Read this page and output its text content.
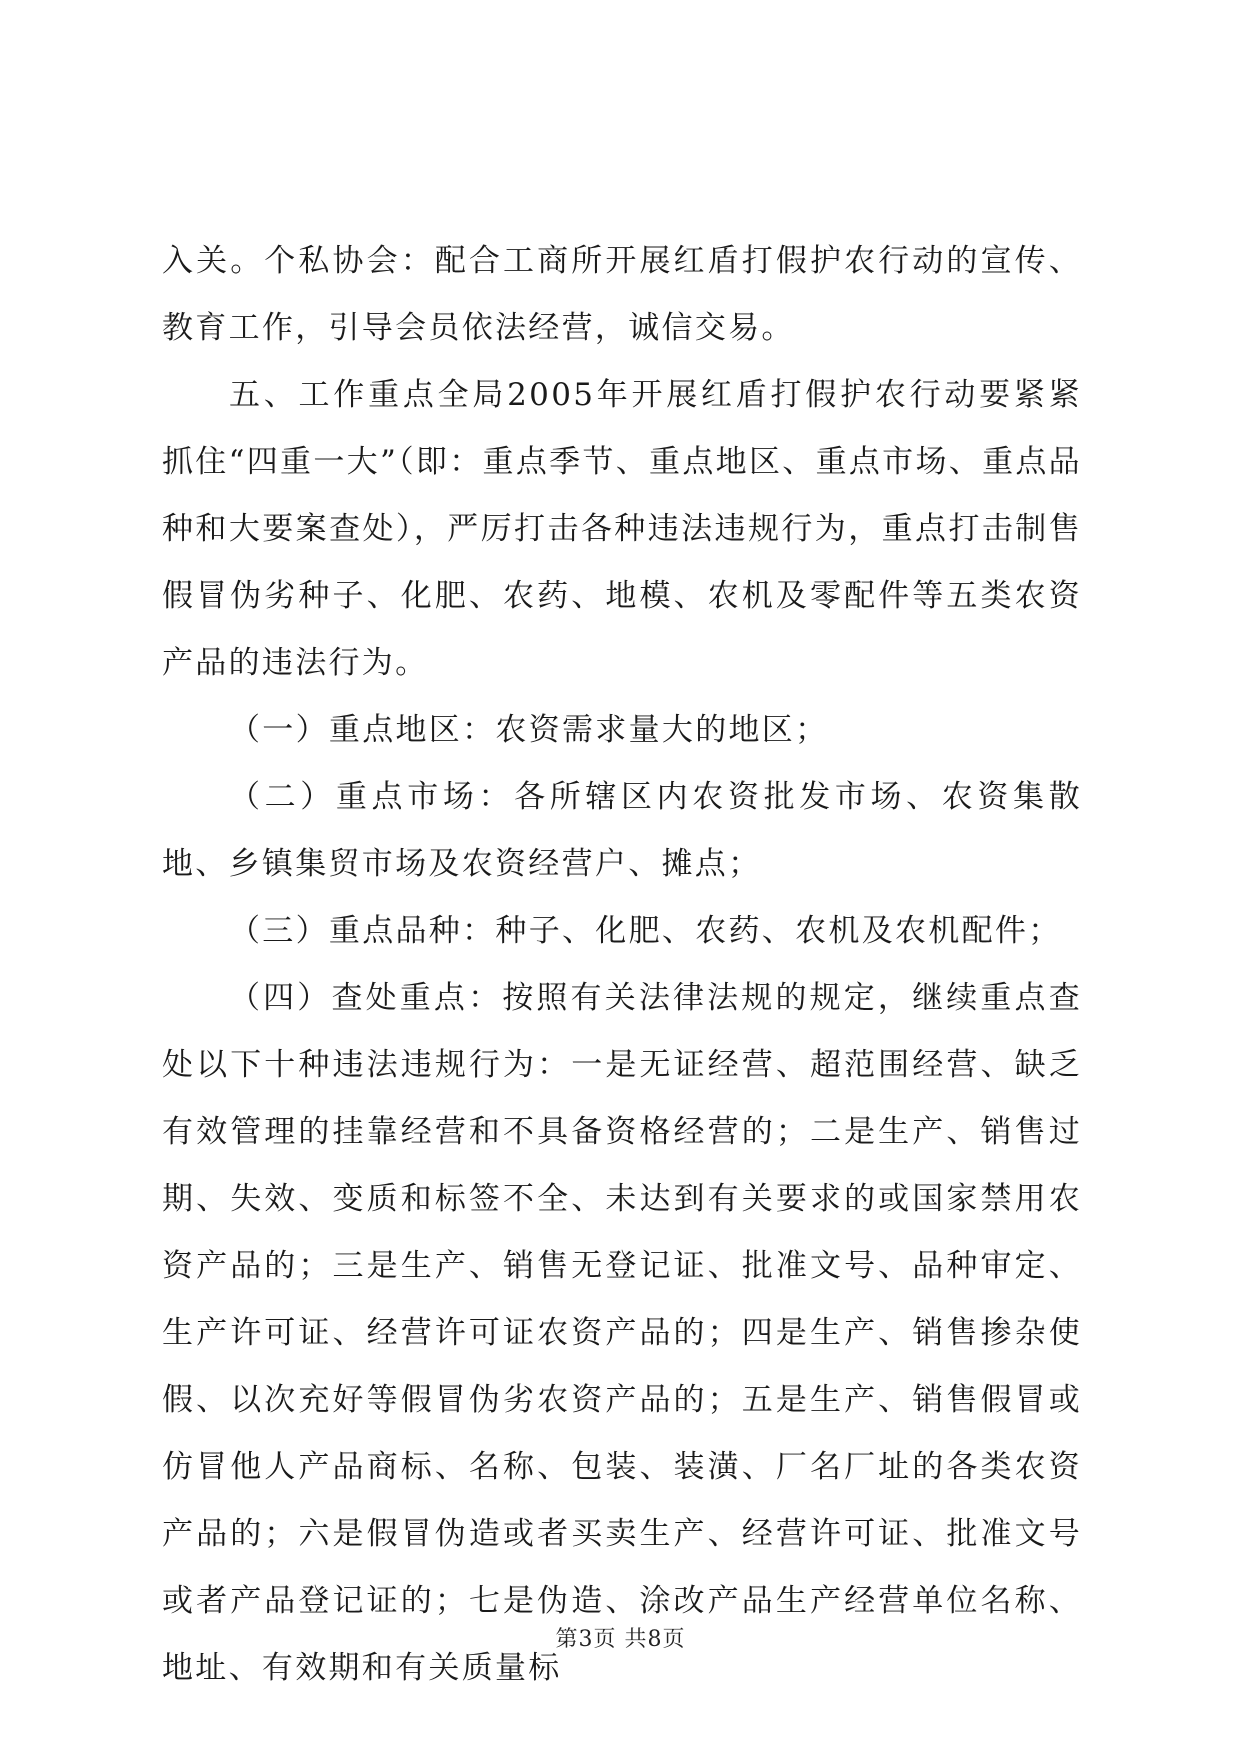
入关。个私协会：配合工商所开展红盾打假护农行动的宣传、教育工作，引导会员依法经营，诚信交易。

五、工作重点全局2005年开展红盾打假护农行动要紧紧抓住“四重一大”（即：重点季节、重点地区、重点市场、重点品种和大要案查处），严厉打击各种违法违规行为，重点打击制售假冒伪劣种子、化肥、农药、地模、农机及零配件等五类农资产品的违法行为。

（一）重点地区：农资需求量大的地区；

（二）重点市场：各所辖区内农资批发市场、农资集散地、乡镇集贸市场及农资经营户、摊点；

（三）重点品种：种子、化肥、农药、农机及农机配件；

（四）查处重点：按照有关法律法规的规定，继续重点查处以下十种违法违规行为：一是无证经营、超范围经营、缺乏有效管理的挂靠经营和不具备资格经营的；二是生产、销售过期、失效、变质和标签不全、未达到有关要求的或国家禁用农资产品的；三是生产、销售无登记证、批准文号、品种审定、生产许可证、经营许可证农资产品的；四是生产、销售掺杂使假、以次充好等假冒伪劣农资产品的；五是生产、销售假冒或仿冒他人产品商标、名称、包装、装潢、厂名厂址的各类农资产品的；六是假冒伪造或者买卖生产、经营许可证、批准文号或者产品登记证的；七是伪造、涂改产品生产经营单位名称、地址、有效期和有关质量标

第3页 共8页
